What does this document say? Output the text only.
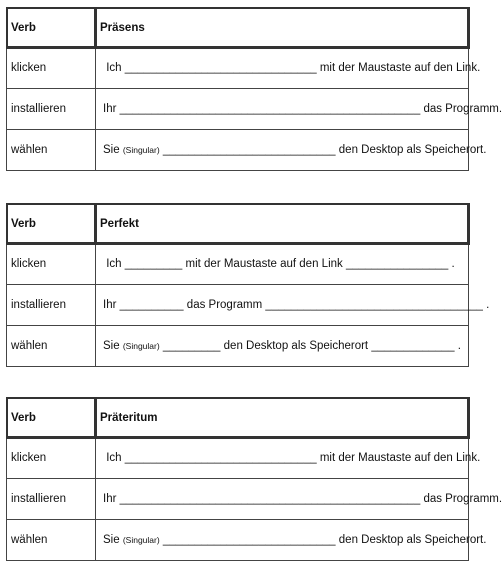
Verb	Präsens
klicken	Ich ______________________________ mit der Maustaste auf den Link.
installieren	Ihr _______________________________________________ das Programm.
wählen	Sie (Singular) ___________________________ den Desktop als Speicherort.
Verb	Perfekt
klicken	Ich _________ mit der Maustaste auf den Link ________________ .
installieren	Ihr __________ das Programm __________________________________ .
wählen	Sie (Singular) _________ den Desktop als Speicherort _____________ .
Verb	Präteritum
klicken	Ich ______________________________ mit der Maustaste auf den Link.
installieren	Ihr _______________________________________________ das Programm.
wählen	Sie (Singular) ___________________________ den Desktop als Speicherort.
